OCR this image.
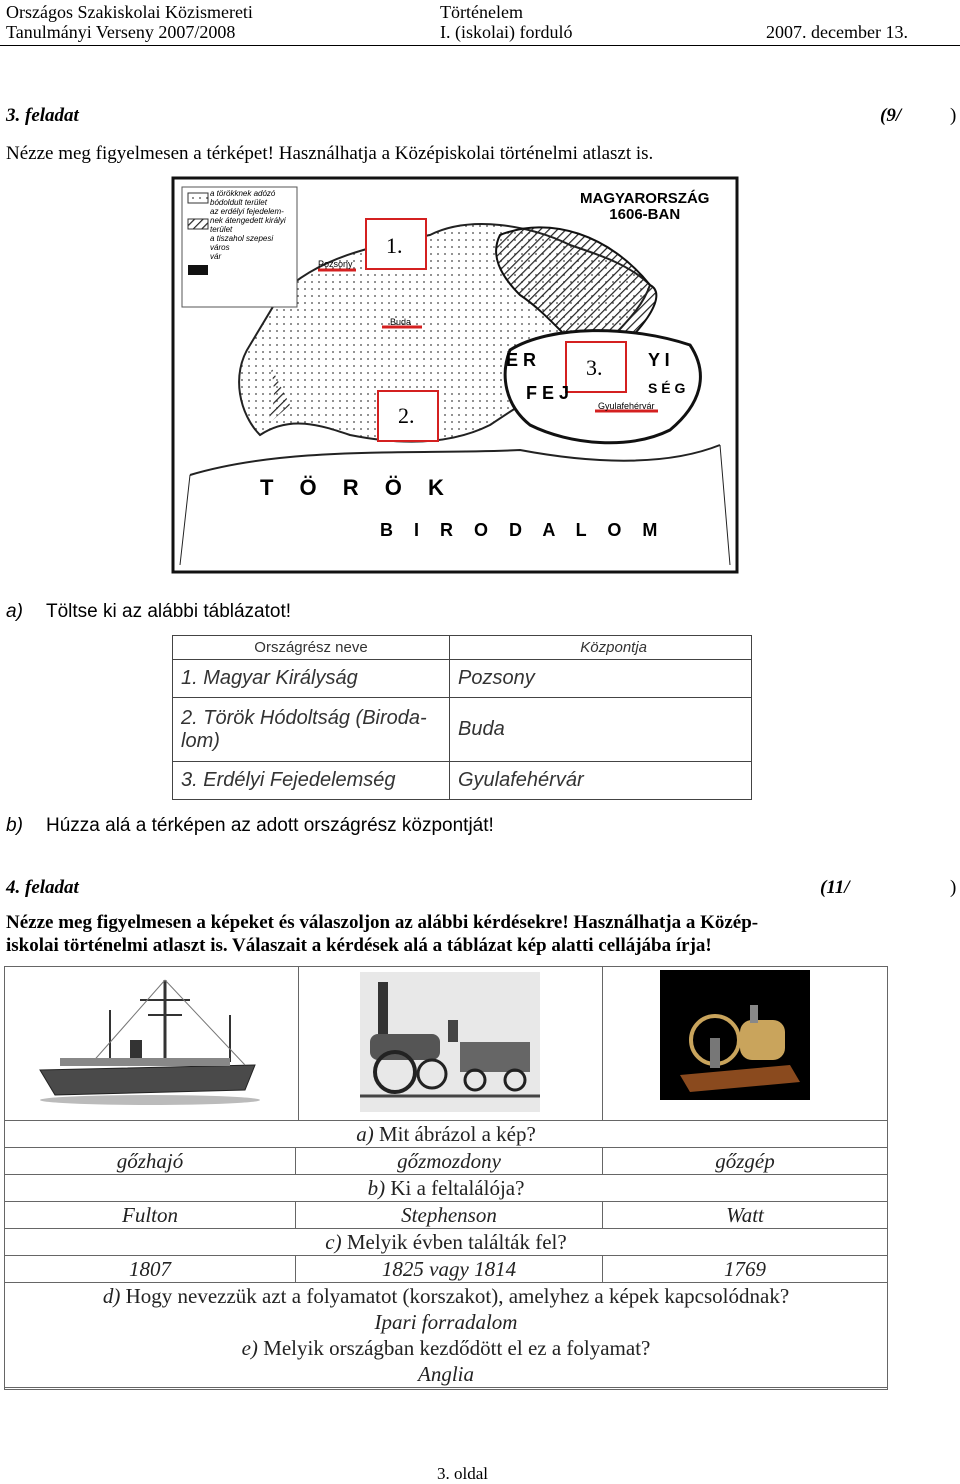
Országos Szakiskolai Közismereti	Történelem
Tanulmányi Verseny 2007/2008	I. (iskolai) forduló	2007. december 13.
3. feladat	(9/	)
Nézze meg figyelmesen a térképet! Használhatja a Középiskolai történelmi atlaszt is.
MAGYARORSZÁG
1606-BAN
1.
2.
3.
E R
F E J
Y I
S É G
T Ö R Ö K
B I R O D A L O M
a törökknek adózó bódoldult terület
az erdélyi fejedelem- nek átengedett királyi terület
a tiszahol szepesi város
vár
Pozsony
Buda
Gyulafehérvár
a) Töltse ki az alábbi táblázatot!
Országrész neve	Központja
1. Magyar Királyság	Pozsony
2. Török Hódoltság (Biroda- lom)	Buda
3. Erdélyi Fejedelemség	Gyulafehérvár
b) Húzza alá a térképen az adott országrész központját!
4. feladat	(11/	)
Nézze meg figyelmesen a képeket és válaszoljon az alábbi kérdésekre! Használhatja a Közép-
iskolai történelmi atlaszt is. Válaszait a kérdések alá a táblázat kép alatti cellájába írja!
a) Mit ábrázol a kép?		
gőzhajó	gőzmozdony	gőzgép
b) Ki a feltalálója?		
Fulton	Stephenson	Watt
c) Melyik évben találták fel?		
1807	1825 vagy 1814	1769
d) Hogy nevezzük azt a folyamatot (korszakot), amelyhez a képek kapcsolódnak?		
Ipari forradalom		
e) Melyik országban kezdődött el ez a folyamat?		
Anglia		
3. oldal
